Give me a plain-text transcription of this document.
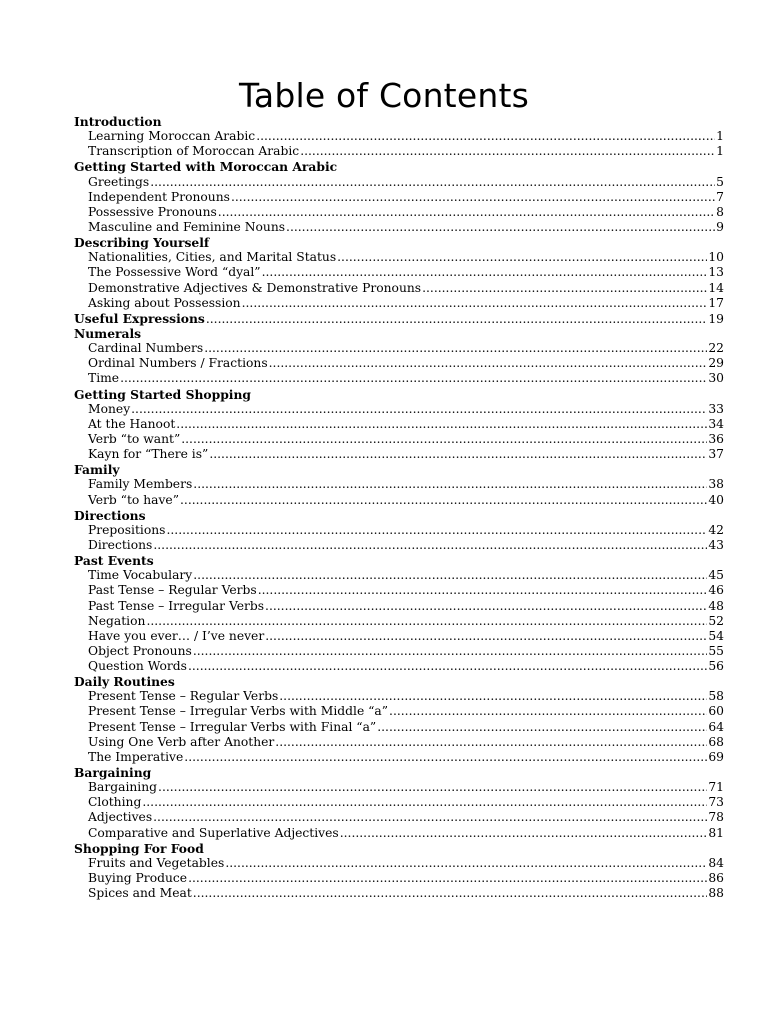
Table of Contents
Introduction
Learning Moroccan Arabic .....	1
Transcription of Moroccan Arabic .....	1
Getting Started with Moroccan Arabic
Greetings .....	5
Independent Pronouns .....	7
Possessive Pronouns .....	8
Masculine and Feminine Nouns .....	9
Describing Yourself
Nationalities, Cities, and Marital Status .....	10
The Possessive Word “dyal” .....	13
Demonstrative Adjectives & Demonstrative Pronouns .....	14
Asking about Possession .....	17
Useful Expressions .....	19
Numerals
Cardinal Numbers .....	22
Ordinal Numbers / Fractions .....	29
Time .....	30
Getting Started Shopping
Money .....	33
At the Hanoot .....	34
Verb “to want” .....	36
Kayn for “There is” .....	37
Family
Family Members .....	38
Verb “to have” .....	40
Directions
Prepositions .....	42
Directions .....	43
Past Events
Time Vocabulary .....	45
Past Tense – Regular Verbs .....	46
Past Tense – Irregular Verbs .....	48
Negation .....	52
Have you ever… / I’ve never .....	54
Object Pronouns .....	55
Question Words .....	56
Daily Routines
Present Tense – Regular Verbs .....	58
Present Tense – Irregular Verbs with Middle “a” .....	60
Present Tense – Irregular Verbs with Final “a” .....	64
Using One Verb after Another .....	68
The Imperative .....	69
Bargaining
Bargaining .....	71
Clothing .....	73
Adjectives .....	78
Comparative and Superlative Adjectives .....	81
Shopping For Food
Fruits and Vegetables .....	84
Buying Produce .....	86
Spices and Meat .....	88
